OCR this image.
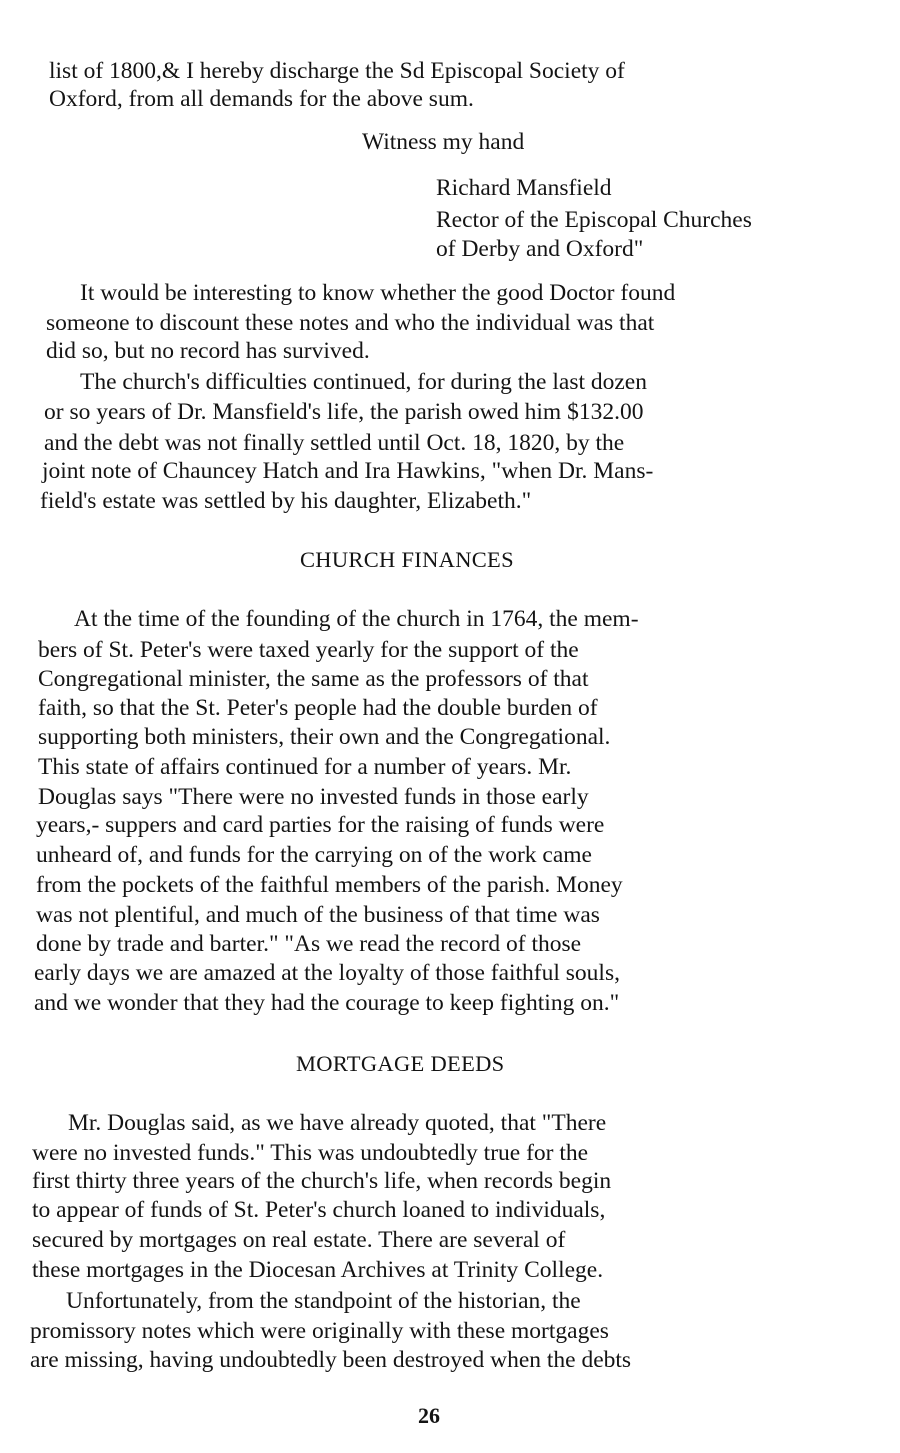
list of 1800,& I hereby discharge the Sd Episcopal Society of
Oxford, from all demands for the above sum.
Witness my hand
Richard Mansfield
Rector of the Episcopal Churches
of Derby and Oxford"
It would be interesting to know whether the good Doctor found
someone to discount these notes and who the individual was that
did so, but no record has survived.
The church's difficulties continued, for during the last dozen
or so years of Dr. Mansfield's life, the parish owed him $132.00
and the debt was not finally settled until Oct. 18, 1820, by the
joint note of Chauncey Hatch and Ira Hawkins, "when Dr. Mans-
field's estate was settled by his daughter, Elizabeth."
CHURCH FINANCES
At the time of the founding of the church in 1764, the mem-
bers of St. Peter's were taxed yearly for the support of the
Congregational minister, the same as the professors of that
faith, so that the St. Peter's people had the double burden of
supporting both ministers, their own and the Congregational.
This state of affairs continued for a number of years. Mr.
Douglas says "There were no invested funds in those early
years,- suppers and card parties for the raising of funds were
unheard of, and funds for the carrying on of the work came
from the pockets of the faithful members of the parish. Money
was not plentiful, and much of the business of that time was
done by trade and barter." "As we read the record of those
early days we are amazed at the loyalty of those faithful souls,
and we wonder that they had the courage to keep fighting on."
MORTGAGE DEEDS
Mr. Douglas said, as we have already quoted, that "There
were no invested funds." This was undoubtedly true for the
first thirty three years of the church's life, when records begin
to appear of funds of St. Peter's church loaned to individuals,
secured by mortgages on real estate. There are several of
these mortgages in the Diocesan Archives at Trinity College.
Unfortunately, from the standpoint of the historian, the
promissory notes which were originally with these mortgages
are missing, having undoubtedly been destroyed when the debts
26
